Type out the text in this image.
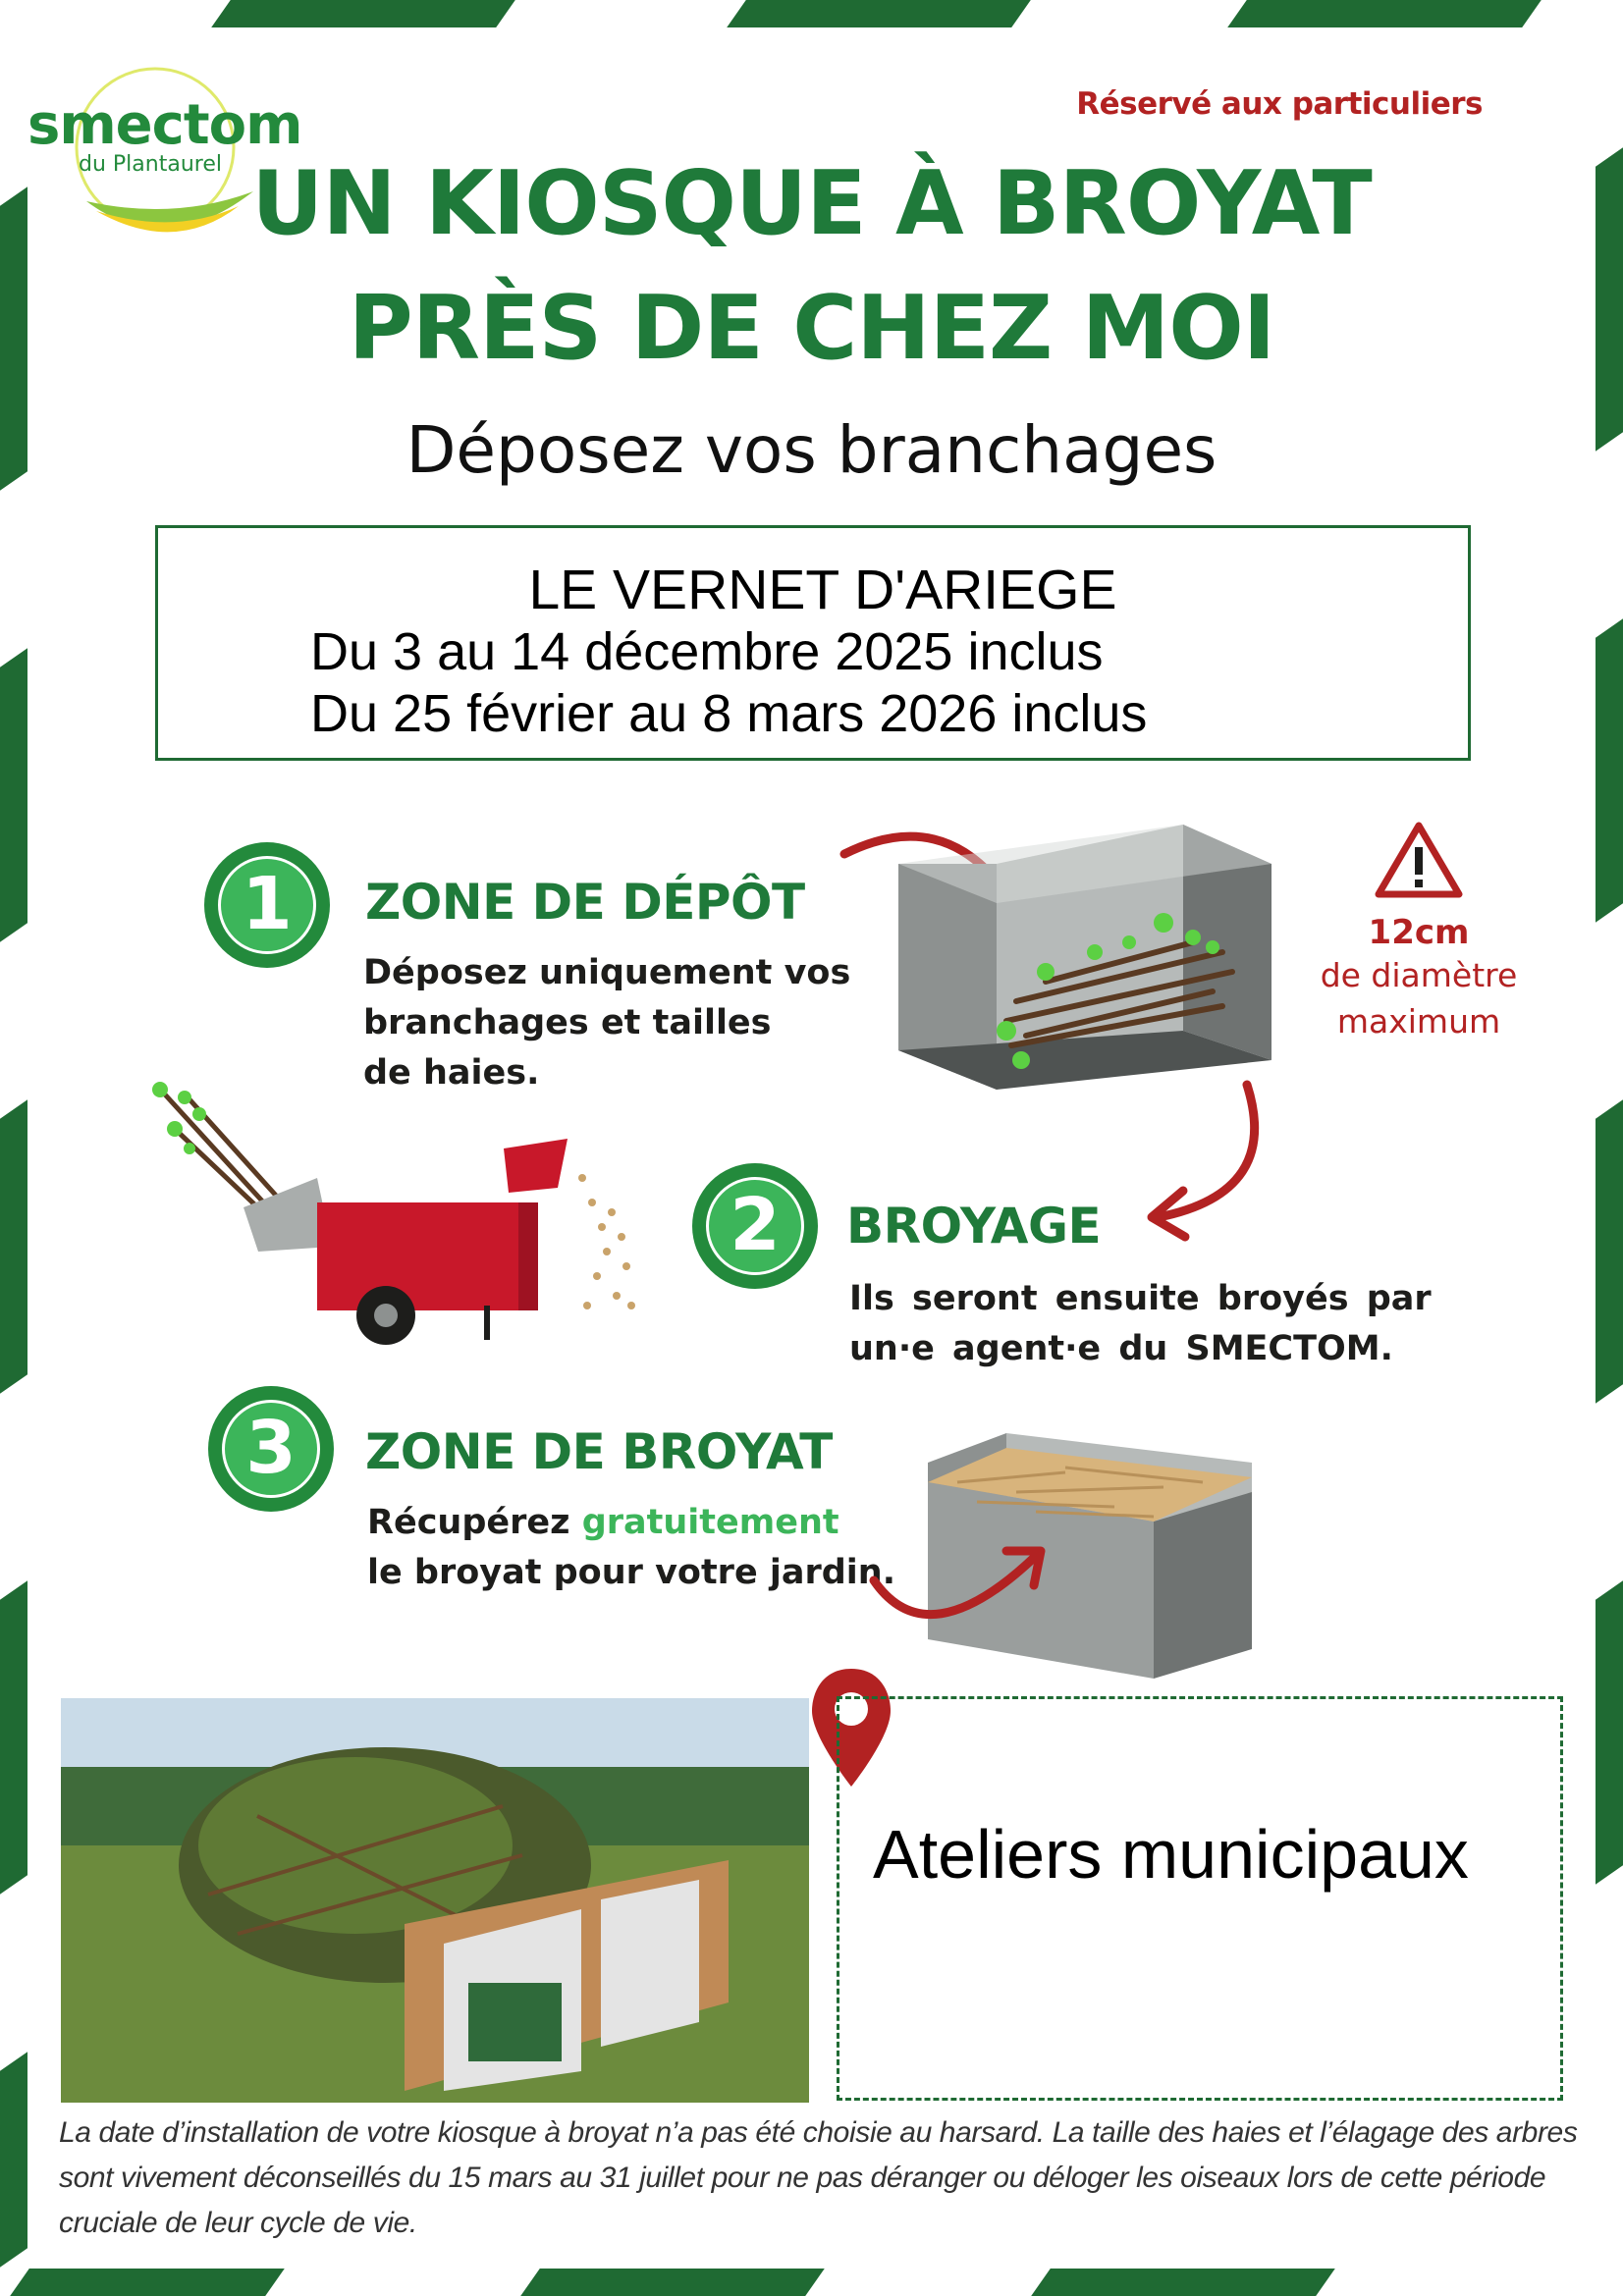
smectom
du Plantaurel
Réservé aux particuliers
UN KIOSQUE À BROYAT
PRÈS DE CHEZ MOI
Déposez vos branchages
LE VERNET D'ARIEGE
Du 3 au 14 décembre 2025 inclus
Du 25 février au 8 mars 2026 inclus
1	ZONE DE DÉPÔT
Déposez uniquement vos
branchages et tailles
de haies.
12cm
de diamètre
maximum
2	BROYAGE
Ils seront ensuite broyés par
un·e agent·e du SMECTOM.
3	ZONE DE BROYAT
Récupérez gratuitement
le broyat pour votre jardin.
Ateliers municipaux
La date d’installation de votre kiosque à broyat n’a pas été choisie au harsard. La taille des haies et l’élagage des arbres
sont vivement déconseillés du 15 mars au 31 juillet pour ne pas déranger ou déloger les oiseaux lors de cette période
cruciale de leur cycle de vie.
